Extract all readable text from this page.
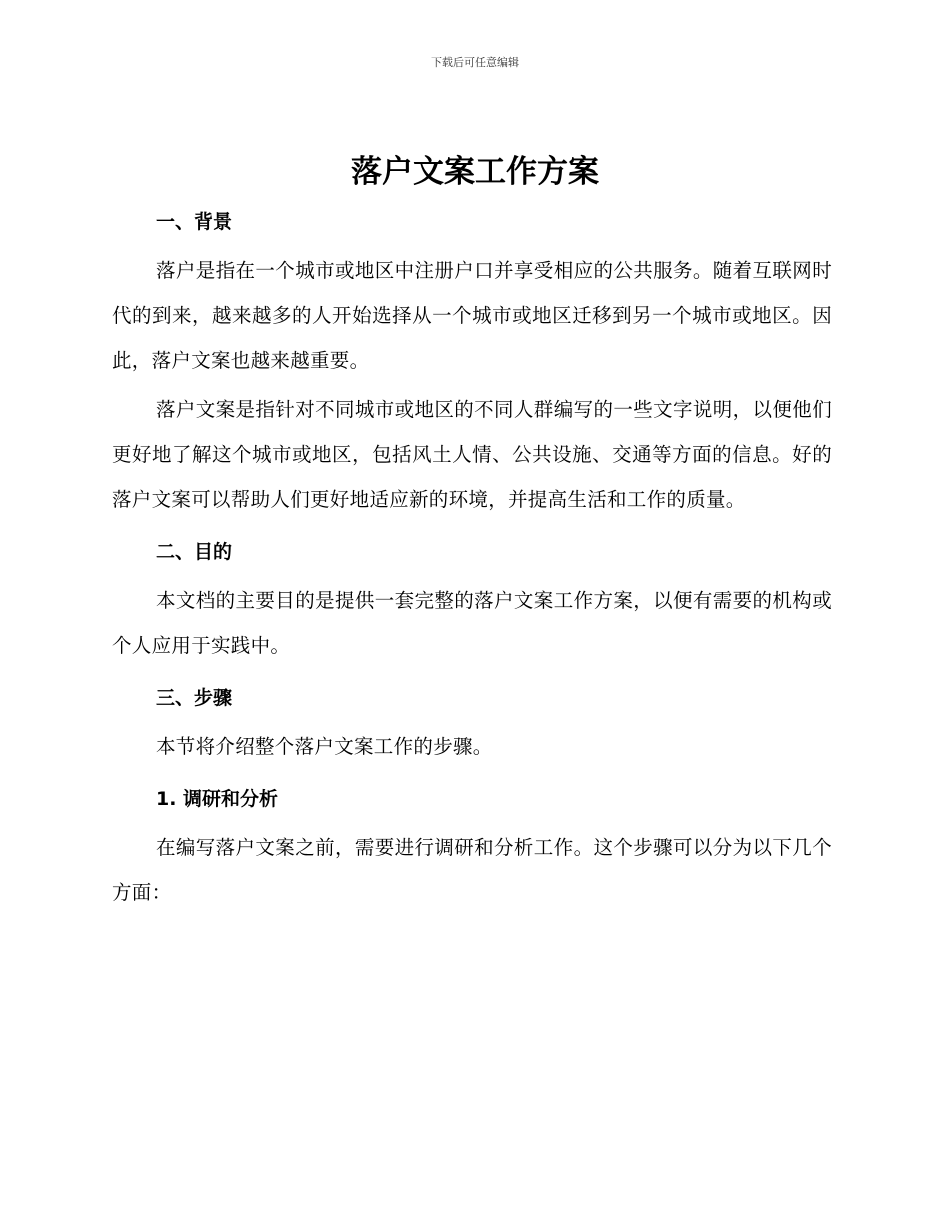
下载后可任意编辑
落户文案工作方案
一、背景

落户是指在一个城市或地区中注册户口并享受相应的公共服务。随着互联网时代的到来，越来越多的人开始选择从一个城市或地区迁移到另一个城市或地区。因此，落户文案也越来越重要。

落户文案是指针对不同城市或地区的不同人群编写的一些文字说明，以便他们更好地了解这个城市或地区，包括风土人情、公共设施、交通等方面的信息。好的落户文案可以帮助人们更好地适应新的环境，并提高生活和工作的质量。

二、目的

本文档的主要目的是提供一套完整的落户文案工作方案，以便有需要的机构或个人应用于实践中。

三、步骤

本节将介绍整个落户文案工作的步骤。

1. 调研和分析

在编写落户文案之前，需要进行调研和分析工作。这个步骤可以分为以下几个方面：
